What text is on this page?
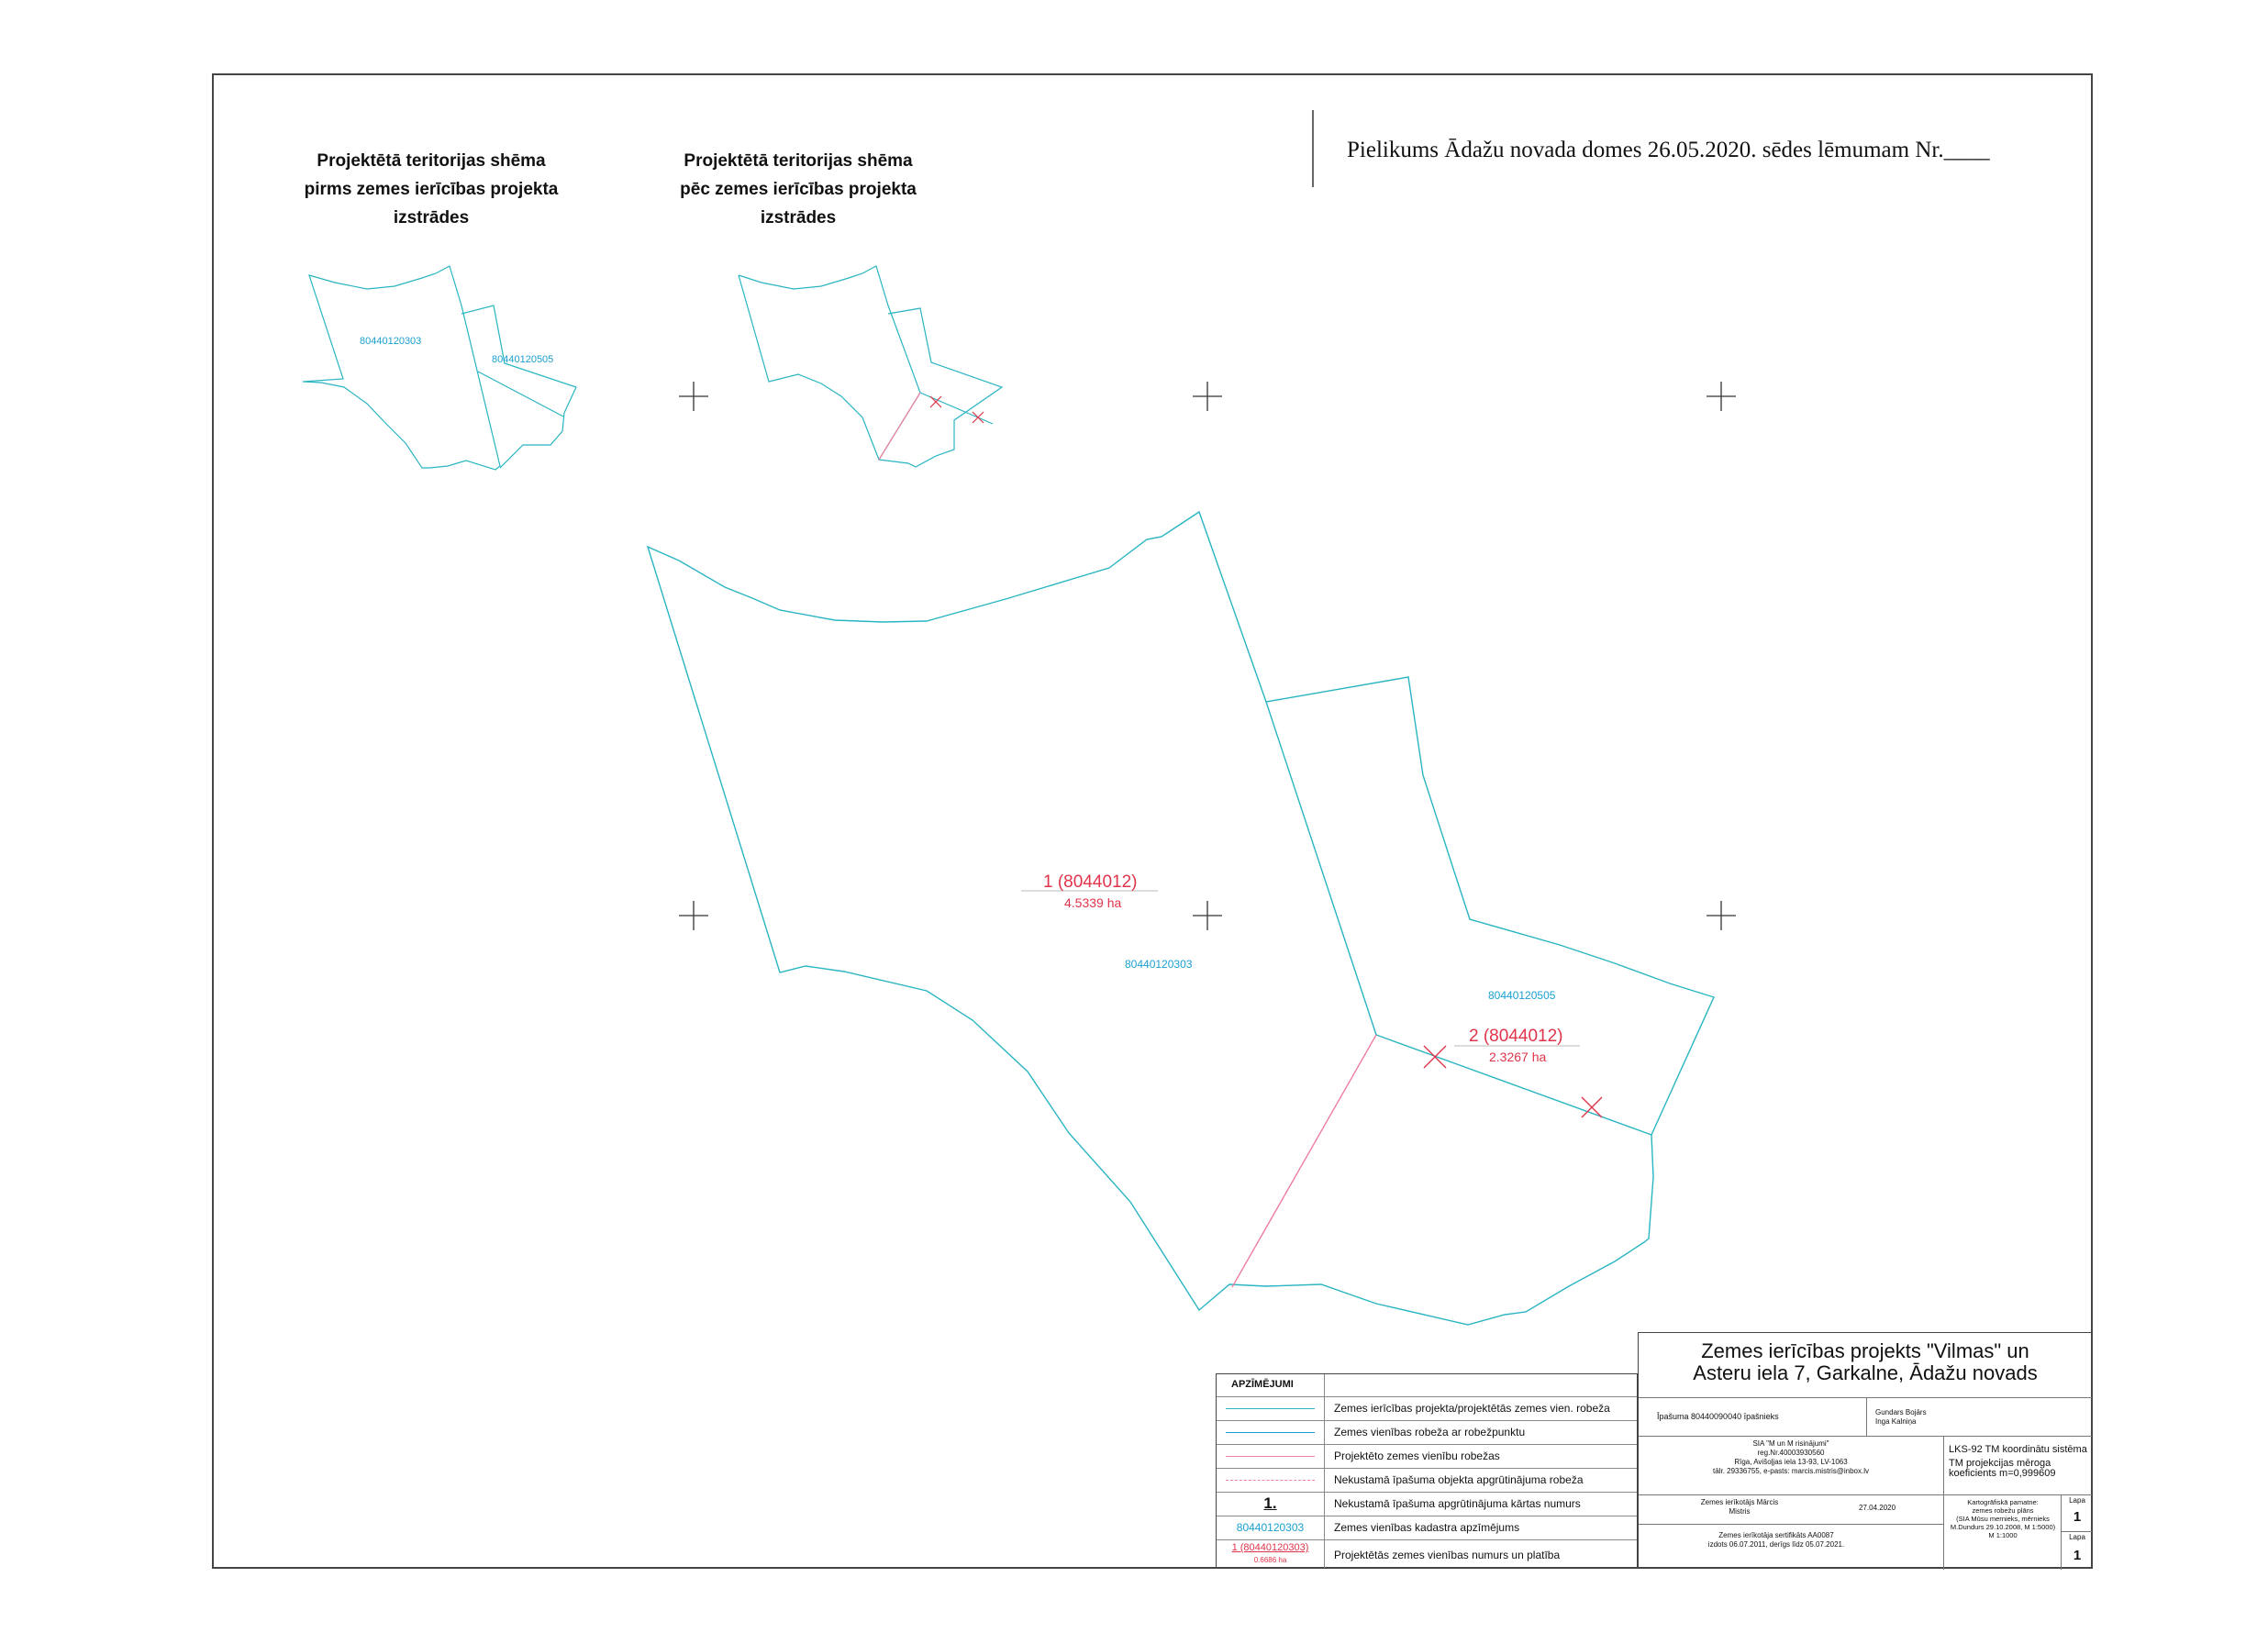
Projektētā teritorijas shēma
pirms zemes ierīcības projekta
izstrādes
Projektētā teritorijas shēma
pēc zemes ierīcības projekta
izstrādes
Pielikums Ādažu novada domes 26.05.2020. sēdes lēmumam Nr.____
80440120303
80440120505
1 (8044012)
4.5339 ha
80440120303
80440120505
2 (8044012)
2.3267 ha
APZĪMĒJUMI
Zemes ierīcības projekta/projektētās zemes vien. robeža
Zemes vienības robeža ar robežpunktu
Projektēto zemes vienību robežas
Nekustamā īpašuma objekta apgrūtinājuma robeža
1.	Nekustamā īpašuma apgrūtinājuma kārtas numurs
80440120303	Zemes vienības kadastra apzīmējums
1 (80440120303)
0.6686 ha	Projektētās zemes vienības numurs un platība
Zemes ierīcības projekts "Vilmas" un
Asteru iela 7, Garkalne, Ādažu novads
Īpašuma 80440090040 īpašnieks	Gundars Bojārs
Inga Kalniņa
SIA "M un M risinājumi"
reg.Nr.40003930560
Rīga, Avišoļjas iela 13-93, LV-1063
tālr. 29336755, e-pasts: marcis.mistris@inbox.lv
LKS-92 TM koordinātu sistēma
TM projekcijas mēroga
koeficients m=0,999609
Zemes ierīkotājs Mārcis
Mistris	27.04.2020
Zemes ierīkotāja sertifikāts AA0087
izdots 06.07.2011, derīgs līdz 05.07.2021.
Kartogrāfiskā pamatne:
zemes robežu plāns
(SIA Mūsu mernieks, mērnieks
M.Dundurs 29.10.2008, M 1:5000)
M 1:1000
Lapa
1
Lapa
1
